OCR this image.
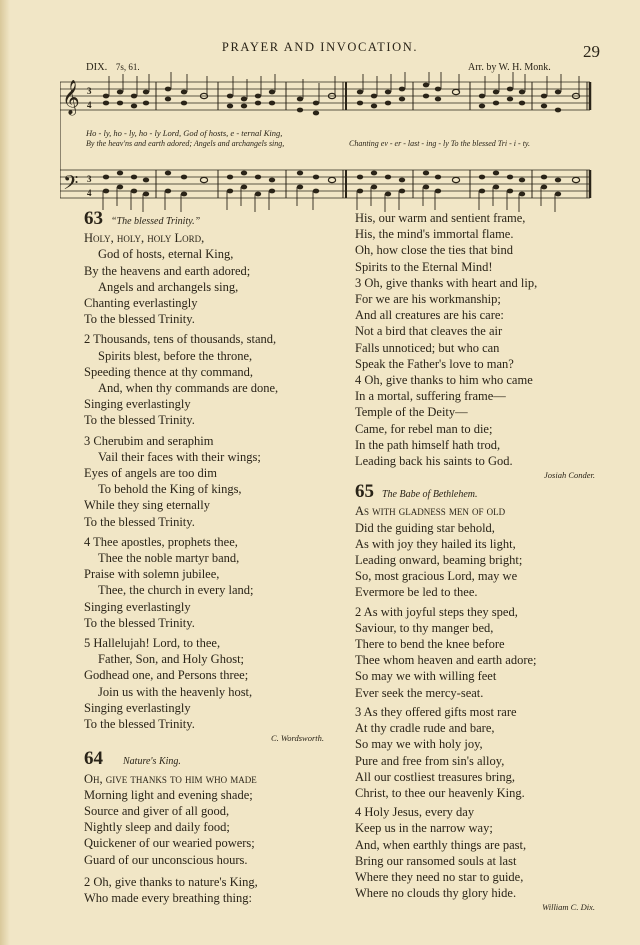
PRAYER AND INVOCATION.	29
DIX. 7s, 61.	Arr. by W. H. Monk.
𝄞
𝄢
3
4
3
4
Ho - ly, ho - ly, ho - ly Lord, God of hosts, e - ternal King,
By the heav'ns and earth adored; Angels and archangels sing,	Chanting ev - er - last - ing - ly To the blessed Tri - i - ty.
63 “The blessed Trinity.”
Holy, holy, holy Lord,
God of hosts, eternal King,
By the heavens and earth adored;
Angels and archangels sing,
Chanting everlastingly
To the blessed Trinity.
2 Thousands, tens of thousands, stand,
Spirits blest, before the throne,
Speeding thence at thy command,
And, when thy commands are done,
Singing everlastingly
To the blessed Trinity.
3 Cherubim and seraphim
Vail their faces with their wings;
Eyes of angels are too dim
To behold the King of kings,
While they sing eternally
To the blessed Trinity.
4 Thee apostles, prophets thee,
Thee the noble martyr band,
Praise with solemn jubilee,
Thee, the church in every land;
Singing everlastingly
To the blessed Trinity.
5 Hallelujah! Lord, to thee,
Father, Son, and Holy Ghost;
Godhead one, and Persons three;
Join us with the heavenly host,
Singing everlastingly
To the blessed Trinity.
C. Wordsworth.
64 Nature's King.
Oh, give thanks to him who made
Morning light and evening shade;
Source and giver of all good,
Nightly sleep and daily food;
Quickener of our wearied powers;
Guard of our unconscious hours.
2 Oh, give thanks to nature's King,
Who made every breathing thing:
His, our warm and sentient frame,
His, the mind's immortal flame.
Oh, how close the ties that bind
Spirits to the Eternal Mind!
3 Oh, give thanks with heart and lip,
For we are his workmanship;
And all creatures are his care:
Not a bird that cleaves the air
Falls unnoticed; but who can
Speak the Father's love to man?
4 Oh, give thanks to him who came
In a mortal, suffering frame—
Temple of the Deity—
Came, for rebel man to die;
In the path himself hath trod,
Leading back his saints to God.
Josiah Conder.
65 The Babe of Bethlehem.
As with gladness men of old
Did the guiding star behold,
As with joy they hailed its light,
Leading onward, beaming bright;
So, most gracious Lord, may we
Evermore be led to thee.
2 As with joyful steps they sped,
Saviour, to thy manger bed,
There to bend the knee before
Thee whom heaven and earth adore;
So may we with willing feet
Ever seek the mercy-seat.
3 As they offered gifts most rare
At thy cradle rude and bare,
So may we with holy joy,
Pure and free from sin's alloy,
All our costliest treasures bring,
Christ, to thee our heavenly King.
4 Holy Jesus, every day
Keep us in the narrow way;
And, when earthly things are past,
Bring our ransomed souls at last
Where they need no star to guide,
Where no clouds thy glory hide.
William C. Dix.
